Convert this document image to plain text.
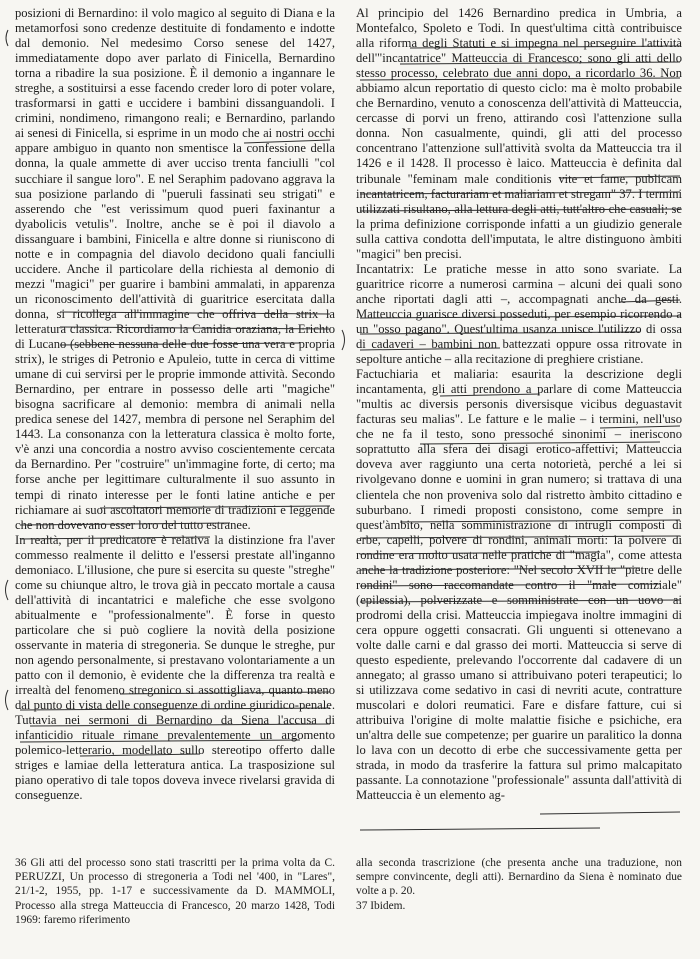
posizioni di Bernardino: il volo magico al seguito di Diana e la metamorfosi sono credenze destituite di fondamento e indotte dal demonio. Nel medesimo Corso senese del 1427, immediatamente dopo aver parlato di Finicella, Bernardino torna a ribadire la sua posizione. È il demonio a ingannare le streghe, a sostituirsi a esse facendo creder loro di poter volare, trasformarsi in gatti e uccidere i bambini dissanguandoli. I crimini, nondimeno, rimangono reali; e Bernardino, parlando ai senesi di Finicella, si esprime in un modo che ai nostri occhi appare ambiguo in quanto non smentisce la confessione della donna, la quale ammette di aver ucciso trenta fanciulli "col succhiare il sangue loro". E nel Seraphim padovano aggrava la sua posizione parlando di "pueruli fassinati seu strigati" e asserendo che "est verissimum quod pueri faxinantur a dyabolicis vetulis". Inoltre, anche se è poi il diavolo a dissanguare i bambini, Finicella e altre donne si riuniscono di notte e in compagnia del diavolo decidono quali fanciulli uccidere. Anche il particolare della richiesta al demonio di mezzi "magici" per guarire i bambini ammalati, in apparenza un riconoscimento dell'attività di guaritrice esercitata dalla donna, si ricollega all'immagine che offriva della strix la letteratura classica. Ricordiamo la Canidia oraziana, la Erichto di Lucano (sebbene nessuna delle due fosse una vera e propria strix), le striges di Petronio e Apuleio, tutte in cerca di vittime umane di cui servirsi per le proprie immonde attività. Secondo Bernardino, per entrare in possesso delle arti "magiche" bisogna sacrificare al demonio: membra di animali nella predica senese del 1427, membra di persone nel Seraphim del 1443. La consonanza con la letteratura classica è molto forte, v'è anzi una concordia a nostro avviso coscientemente cercata da Bernardino. Per "costruire" un'immagine forte, di certo; ma forse anche per legittimare culturalmente il suo assunto in tempi di rinato interesse per le fonti latine antiche e per richiamare ai suoi ascoltatori memorie di tradizioni e leggende che non dovevano esser loro del tutto estranee.

In realtà, per il predicatore è relativa la distinzione fra l'aver commesso realmente il delitto e l'essersi prestate all'inganno demoniaco. L'illusione, che pure si esercita su queste "streghe" come su chiunque altro, le trova già in peccato mortale a causa dell'attività di incantatrici e malefiche che esse svolgono abitualmente e "professionalmente". È forse in questo particolare che si può cogliere la novità della posizione osservante in materia di stregoneria. Se dunque le streghe, pur non agendo personalmente, si prestavano volontariamente a un patto con il demonio, è evidente che la differenza tra realtà e irrealtà del fenomeno stregonico si assottigliava, quanto meno dal punto di vista delle conseguenze di ordine giuridico-penale. Tuttavia nei sermoni di Bernardino da Siena l'accusa di infanticidio rituale rimane prevalentemente un argomento polemico-letterario, modellato sullo stereotipo offerto dalle striges e lamiae della letteratura antica. La trasposizione sul piano operativo di tale topos doveva invece rivelarsi gravida di conseguenze.

Al principio del 1426 Bernardino predica in Umbria, a Montefalco, Spoleto e Todi. In quest'ultima città contribuisce alla riforma degli Statuti e si impegna nel perseguire l'attività dell'"incantatrice" Matteuccia di Francesco; sono gli atti dello stesso processo, celebrato due anni dopo, a ricordarlo 36. Non abbiamo alcun reportatio di questo ciclo: ma è molto probabile che Bernardino, venuto a conoscenza dell'attività di Matteuccia, cercasse di porvi un freno, attirando così l'attenzione sulla donna. Non casualmente, quindi, gli atti del processo concentrano l'attenzione sull'attività svolta da Matteuccia tra il 1426 e il 1428. Il processo è laico. Matteuccia è definita dal tribunale "feminam male conditionis vite et fame, publicam incantatricem, facturariam et maliariam et stregam" 37. I termini utilizzati risultano, alla lettura degli atti, tutt'altro che casuali; se la prima definizione corrisponde infatti a un giudizio generale sulla cattiva condotta dell'imputata, le altre distinguono àmbiti "magici" ben precisi.

Incantatrix: Le pratiche messe in atto sono svariate. La guaritrice ricorre a numerosi carmina – alcuni dei quali sono anche riportati dagli atti –, accompagnati anche da gesti. Matteuccia guarisce diversi posseduti, per esempio ricorrendo a un "osso pagano". Quest'ultima usanza unisce l'utilizzo di ossa di cadaveri – bambini non battezzati oppure ossa ritrovate in sepolture antiche – alla recitazione di preghiere cristiane.

Factuchiaria et maliaria: esaurita la descrizione degli incantamenta, gli atti prendono a parlare di come Matteuccia "multis ac diversis personis diversisque vicibus deguastavit facturas seu malias". Le fatture e le malie – i termini, nell'uso che ne fa il testo, sono pressoché sinonimi – ineriscono soprattutto alla sfera dei disagi erotico-affettivi; Matteuccia doveva aver raggiunto una certa notorietà, perché a lei si rivolgevano donne e uomini in gran numero; si trattava di una clientela che non proveniva solo dal ristretto àmbito cittadino e suburbano. I rimedi proposti consistono, come sempre in quest'àmbito, nella somministrazione di intrugli composti di erbe, capelli, polvere di rondini, animali morti: la polvere di rondine era molto usata nelle pratiche di "magia", come attesta anche la tradizione posteriore: "Nel secolo XVII le "pietre delle rondini" sono raccomandate contro il "male comiziale" (epilessia), polverizzate e somministrate con un uovo ai prodromi della crisi. Matteuccia impiegava inoltre immagini di cera oppure oggetti consacrati. Gli unguenti si ottenevano a volte dalle carni e dal grasso dei morti. Matteuccia si serve di questo espediente, prelevando l'occorrente dal cadavere di un annegato; al grasso umano si attribuivano poteri terapeutici; lo si utilizzava come sedativo in casi di nevriti acute, contratture muscolari e dolori reumatici. Fare e disfare fatture, cui si attribuiva l'origine di molte malattie fisiche e psichiche, era un'altra delle sue competenze; per guarire un paralitico la donna lo lava con un decotto di erbe che successivamente getta per strada, in modo da trasferire la fattura sul primo malcapitato passante. La connotazione "professionale" assunta dall'attività di Matteuccia è un elemento ag-

36 Gli atti del processo sono stati trascritti per la prima volta da C. PERUZZI, Un processo di stregoneria a Todi nel '400, in "Lares", 21/1-2, 1955, pp. 1-17 e successivamente da D. MAMMOLI, Processo alla strega Matteuccia di Francesco, 20 marzo 1428, Todi 1969: faremo riferimento

alla seconda trascrizione (che presenta anche una traduzione, non sempre convincente, degli atti). Bernardino da Siena è nominato due volte a p. 20.

37 Ibidem.
